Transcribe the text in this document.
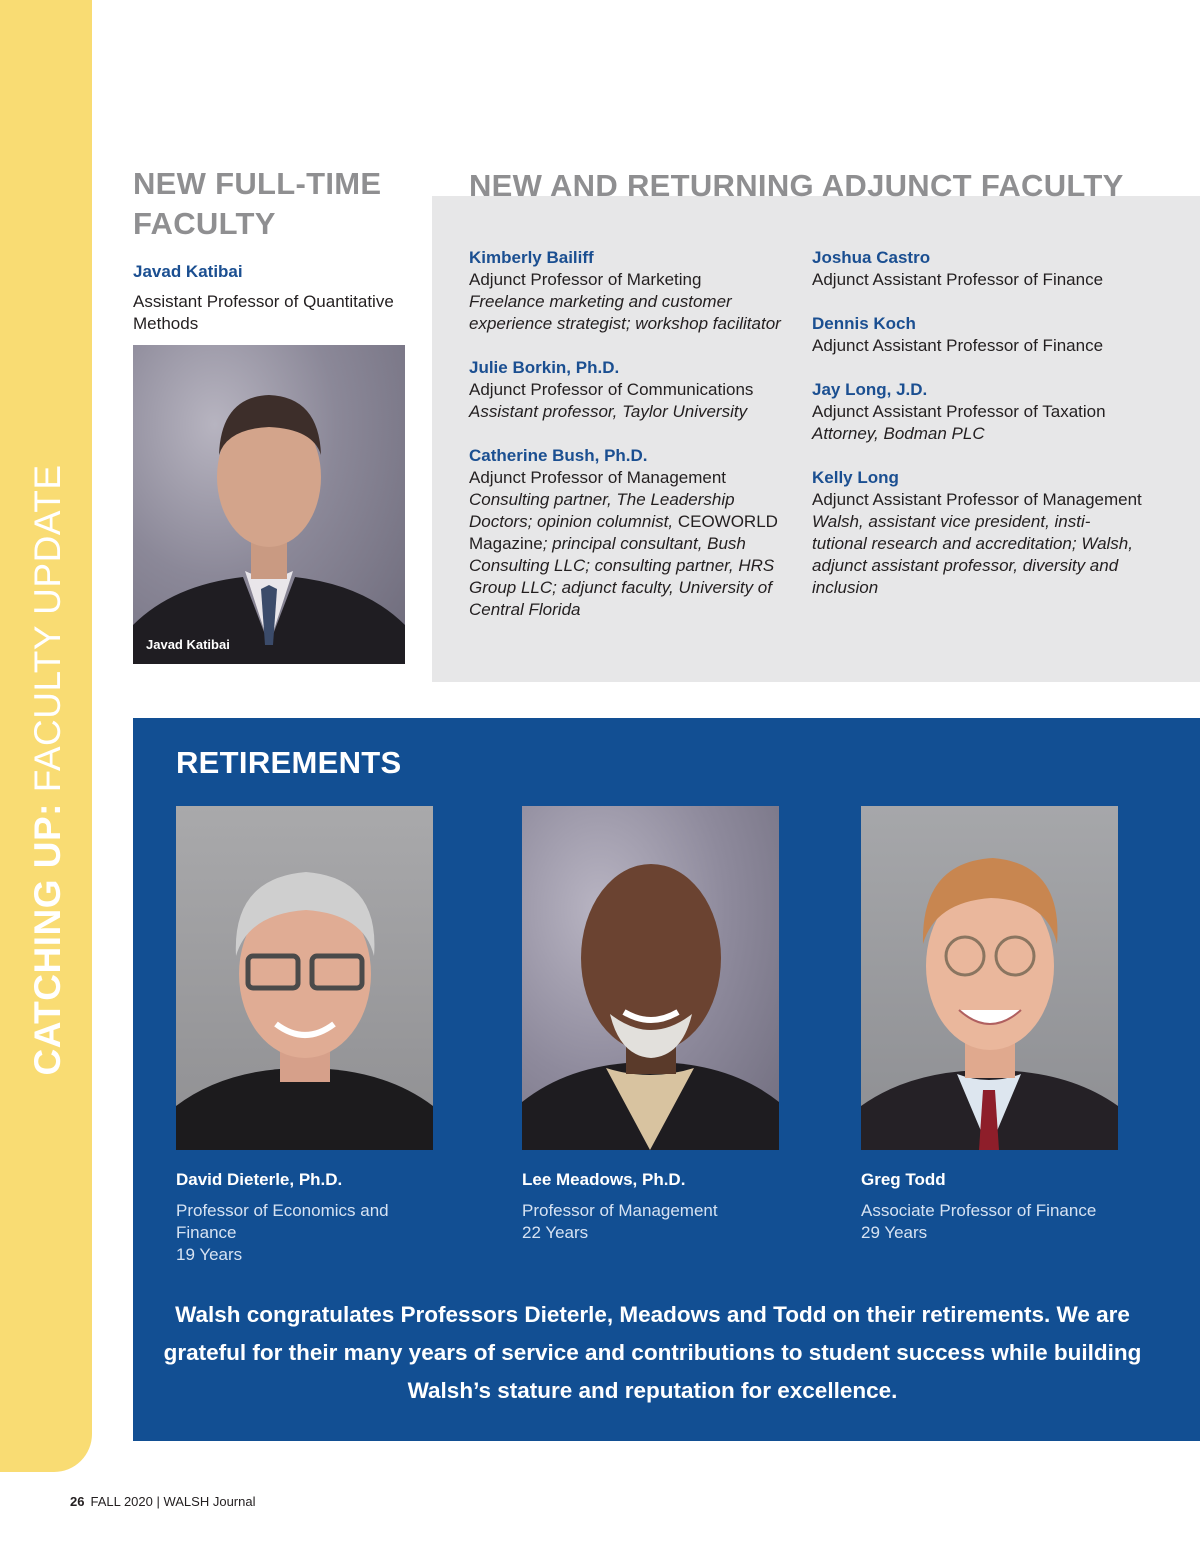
CATCHING UP: FACULTY UPDATE
NEW FULL-TIME FACULTY
Javad Katibai
Assistant Professor of Quantitative Methods
Javad Katibai
NEW AND RETURNING ADJUNCT FACULTY
Kimberly Bailiff
Adjunct Professor of Marketing
Freelance marketing and customer experience strategist; workshop facilitator
Julie Borkin, Ph.D.
Adjunct Professor of Communications
Assistant professor, Taylor University
Catherine Bush, Ph.D.
Adjunct Professor of Management
Consulting partner, The Leadership Doctors; opinion columnist, CEOWORLD Magazine; principal consultant, Bush Consulting LLC; consulting partner, HRS Group LLC; adjunct faculty, University of Central Florida
Joshua Castro
Adjunct Assistant Professor of Finance
Dennis Koch
Adjunct Assistant Professor of Finance
Jay Long, J.D.
Adjunct Assistant Professor of Taxation
Attorney, Bodman PLC
Kelly Long
Adjunct Assistant Professor of Management
Walsh, assistant vice president, insti-tutional research and accreditation; Walsh, adjunct assistant professor, diversity and inclusion
RETIREMENTS
David Dieterle, Ph.D.
Professor of Economics and Finance
19 Years
Lee Meadows, Ph.D.
Professor of Management
22 Years
Greg Todd
Associate Professor of Finance
29 Years

Walsh congratulates Professors Dieterle, Meadows and Todd on their retirements. We are grateful for their many years of service and contributions to student success while building Walsh’s stature and reputation for excellence.

26 FALL 2020 | WALSH Journal
